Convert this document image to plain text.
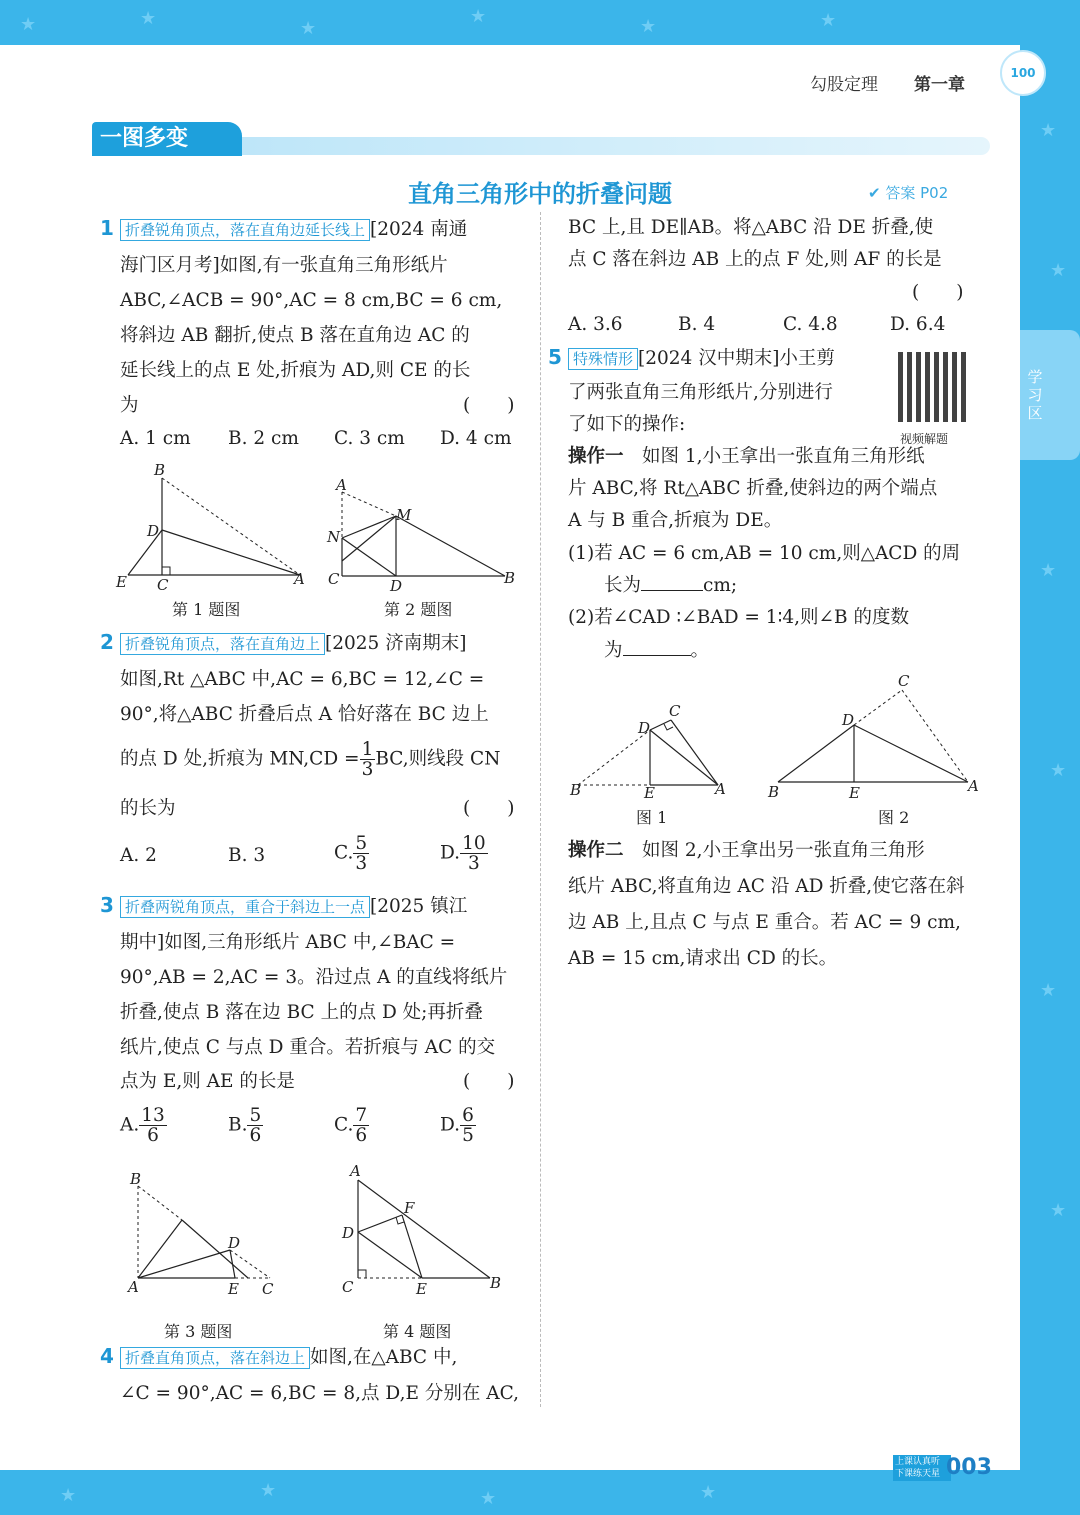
★	★	★
★	★	★
★
★
★
★
★
★
★	★	★	★
学习区
勾股定理 第一章
100
一图多变
直角三角形中的折叠问题	✔ 答案 P02
1 折叠锐角顶点，落在直角边延长线上 [2024 南通
海门区月考]如图,有一张直角三角形纸片
ABC,∠ACB = 90°,AC = 8 cm,BC = 6 cm,
将斜边 AB 翻折,使点 B 落在直角边 AC 的
延长线上的点 E 处,折痕为 AD,则 CE 的长
为	(　　)
A. 1 cm B. 2 cm C. 3 cm D. 4 cm
B
D
E C	A
A
M
N
C	D	B
第 1 题图	第 2 题图
2 折叠锐角顶点，落在直角边上 [2025 济南期末]
如图,Rt △ABC 中,AC = 6,BC = 12,∠C =
90°,将△ABC 折叠后点 A 恰好落在 BC 边上
的点 D 处,折痕为 $MN,CD = \frac{1}{3}BC$,则线段 CN
的长为	(　　)
A. 2	B. 3	C. $\frac{5}{3}$	D. $\frac{10}{3}$
3 折叠两锐角顶点，重合于斜边上一点 [2025 镇江
期中]如图,三角形纸片 ABC 中,∠BAC =
90°,AB = 2,AC = 3。沿过点 A 的直线将纸片
折叠,使点 B 落在边 BC 上的点 D 处;再折叠
纸片,使点 C 与点 D 重合。若折痕与 AC 的交
点为 E,则 AE 的长是	(　　)
A. $\frac{13}{6}$	B. $\frac{5}{6}$	C. $\frac{7}{6}$	D. $\frac{6}{5}$
B
D
A	E C
A
F
D
C	E	B
第 3 题图	第 4 题图
4 折叠直角顶点，落在斜边上 如图,在△ABC 中,
∠C = 90°,AC = 6,BC = 8,点 D,E 分别在 AC,
BC 上,且 DE∥AB。将△ABC 沿 DE 折叠,使
点 C 落在斜边 AB 上的点 F 处,则 AF 的长是
(　　)
A. 3.6	B. 4	C. 4.8	D. 6.4
5 特殊情形 [2024 汉中期末]小王剪
了两张直角三角形纸片,分别进行
了如下的操作:
视频解题
操作一　 如图 1,小王拿出一张直角三角形纸
片 ABC,将 Rt△ABC 折叠,使斜边的两个端点
A 与 B 重合,折痕为 DE。
(1)若 AC = 6 cm,AB = 10 cm,则△ACD 的周
长为	cm;
(2)若∠CAD ∶∠BAD = 1∶4,则∠B 的度数
为	。
C
D
B	E	A
C
D
B	E	A
图 1	图 2
操作二　 如图 2,小王拿出另一张直角三角形
纸片 ABC,将直角边 AC 沿 AD 折叠,使它落在斜
边 AB 上,且点 C 与点 E 重合。若 AC = 9 cm,
AB = 15 cm,请求出 CD 的长。
上课认真听
下课练天星 003
